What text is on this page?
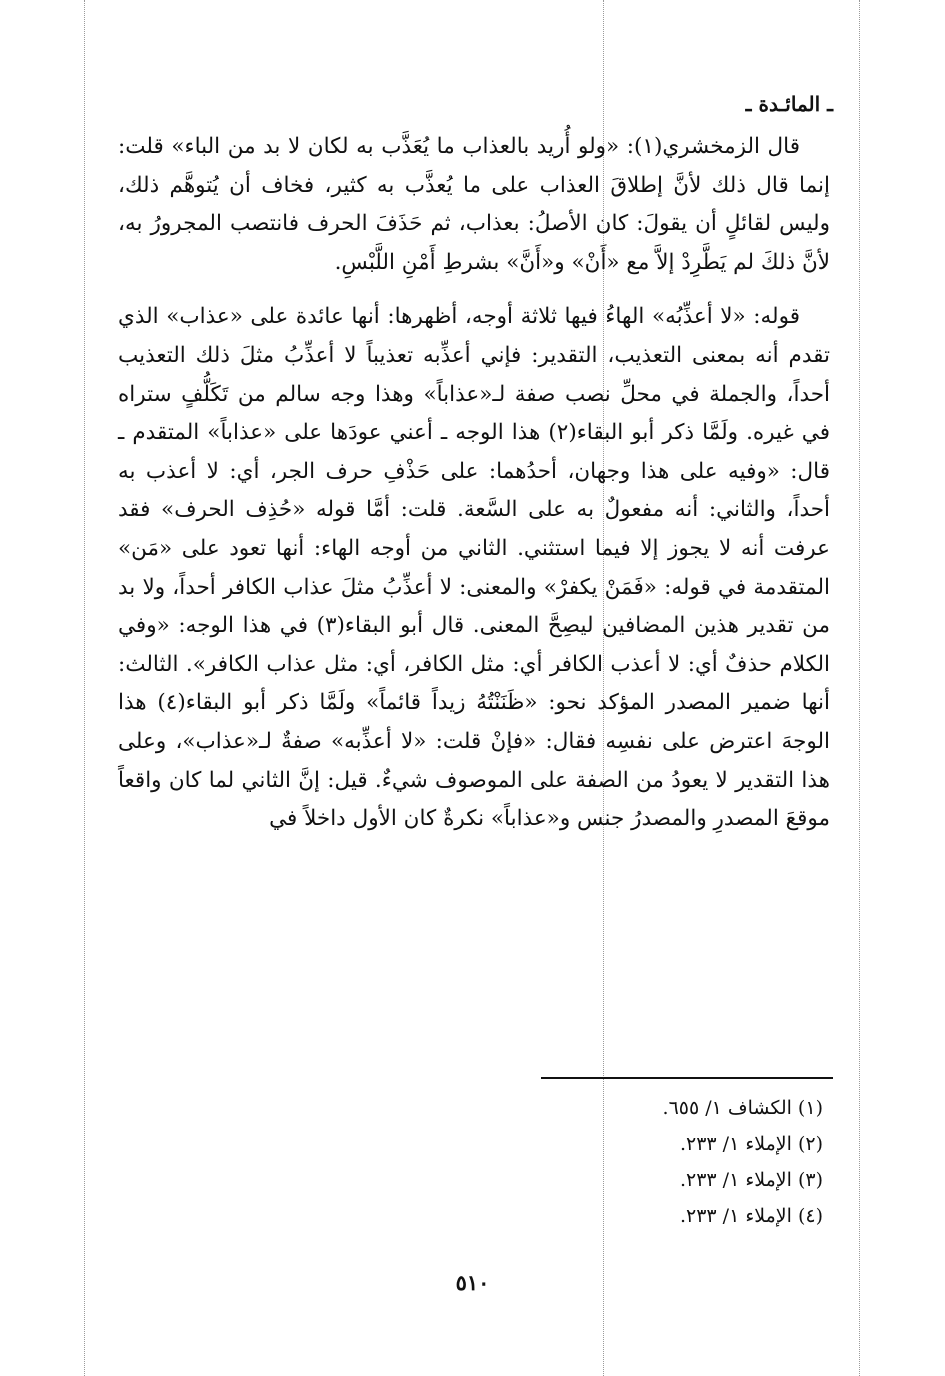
ـ المائـدة ـ

قال الزمخشري(١): «ولو أُريد بالعذاب ما يُعَذَّب به لكان لا بد من الباء» قلت: إنما قال ذلك لأنَّ إطلاقَ العذاب على ما يُعذَّب به كثير، فخاف أن يُتوهَّم ذلك، وليس لقائلٍ أن يقولَ: كان الأصلُ: بعذاب، ثم حَذَفَ الحرف فانتصب المجرورُ به، لأنَّ ذلكَ لم يَطَّرِدْ إلاَّ مع «أَنْ» و«أَنَّ» بشرطِ أَمْنِ اللَّبْسِ.

قوله: «لا أعذِّبُه» الهاءُ فيها ثلاثة أوجه، أظهرها: أنها عائدة على «عذاب» الذي تقدم أنه بمعنى التعذيب، التقدير: فإني أعذِّبه تعذيباً لا أعذِّبُ مثلَ ذلك التعذيب أحداً، والجملة في محلِّ نصب صفة لـ«عذاباً» وهذا وجه سالم من تَكَلُّفٍ ستراه في غيره. ولَمَّا ذكر أبو البقاء(٢) هذا الوجه ـ أعني عودَها على «عذاباً» المتقدم ـ قال: «وفيه على هذا وجهان، أحدُهما: على حَذْفِ حرف الجر، أي: لا أعذب به أحداً، والثاني: أنه مفعولٌ به على السَّعة. قلت: أمَّا قوله «حُذِف الحرف» فقد عرفت أنه لا يجوز إلا فيما استثني. الثاني من أوجه الهاء: أنها تعود على «مَن» المتقدمة في قوله: «فَمَنْ يكفرْ» والمعنى: لا أعذِّبُ مثلَ عذاب الكافر أحداً، ولا بد من تقدير هذين المضافين ليصِحَّ المعنى. قال أبو البقاء(٣) في هذا الوجه: «وفي الكلام حذفٌ أي: لا أعذب الكافر أي: مثل الكافر، أي: مثل عذاب الكافر». الثالث: أنها ضمير المصدر المؤكد نحو: «ظَنَنْتُهُ زيداً قائماً» ولَمَّا ذكر أبو البقاء(٤) هذا الوجهَ اعترض على نفسِه فقال: «فإنْ قلت: «لا أعذِّبه» صفةٌ لـ«عذاب»، وعلى هذا التقدير لا يعودُ من الصفة على الموصوف شيءٌ. قيل: إنَّ الثاني لما كان واقعاً موقعَ المصدرِ والمصدرُ جنس و«عذاباً» نكرةٌ كان الأول داخلاً في

(١) الكشاف ١/ ٦٥٥.
(٢) الإملاء ١/ ٢٣٣.
(٣) الإملاء ١/ ٢٣٣.
(٤) الإملاء ١/ ٢٣٣.
٥١٠
